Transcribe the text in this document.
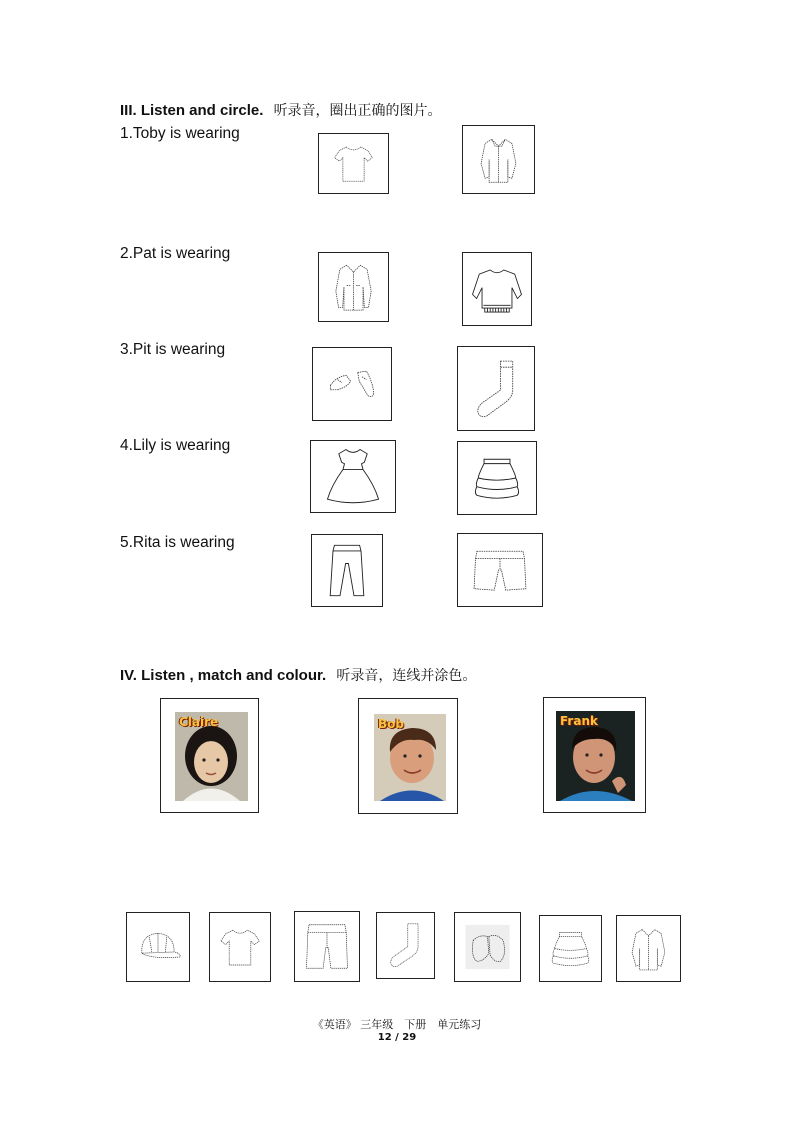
III. Listen and circle. 听录音，圈出正确的图片。
1.Toby is wearing
2.Pat is wearing
3.Pit is wearing
4.Lily is wearing
5.Rita is wearing
IV. Listen , match and colour. 听录音，连线并涂色。
Claire	Bob	Frank
《英语》 三年级　下册　单元练习
12 / 29
